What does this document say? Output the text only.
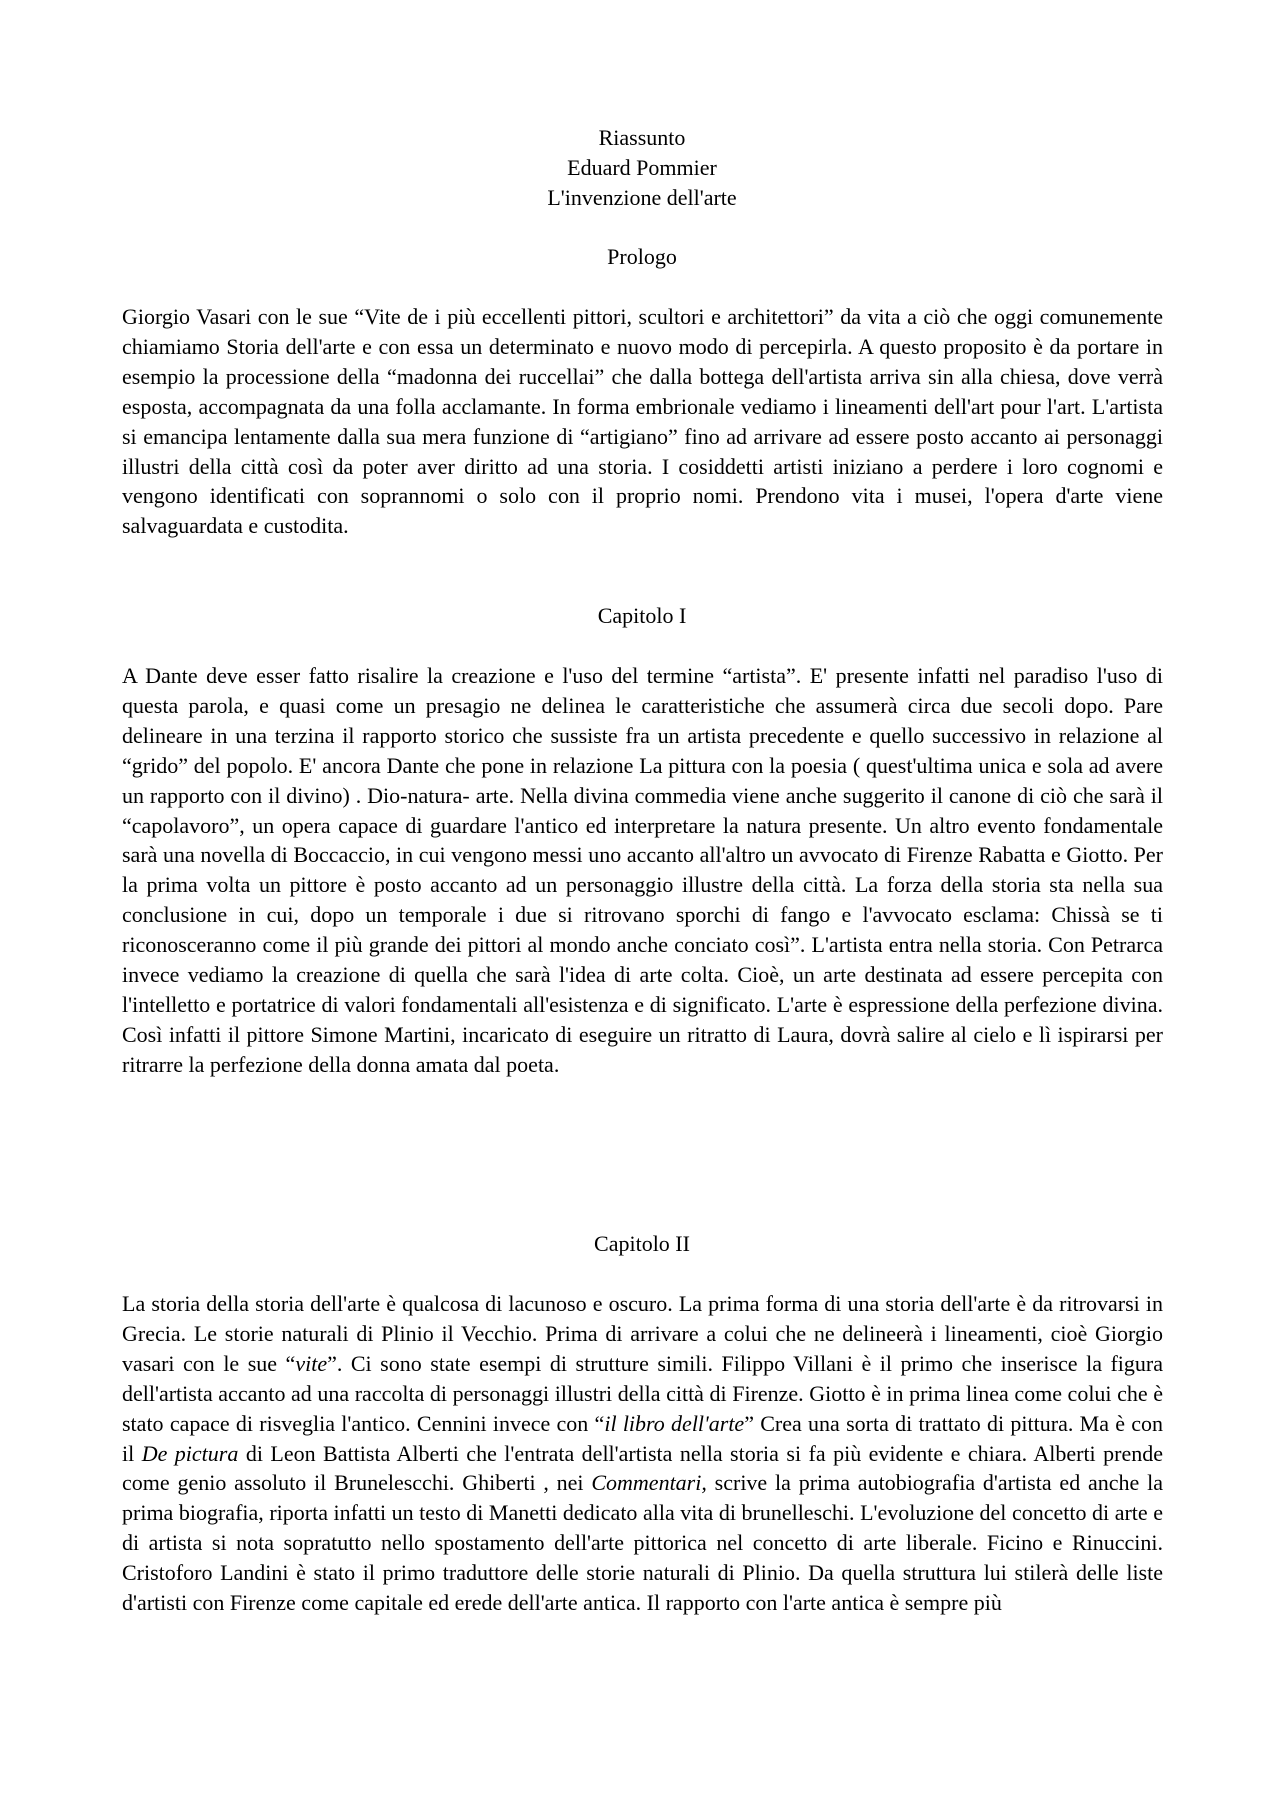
Riassunto
Eduard Pommier
L'invenzione dell'arte
Prologo

Giorgio Vasari con le sue “Vite de i più eccellenti pittori, scultori e architettori” da vita a ciò che oggi comunemente chiamiamo Storia dell'arte e con essa un determinato e nuovo modo di percepirla. A questo proposito è da portare in esempio la processione della “madonna dei ruccellai” che dalla bottega dell'artista arriva sin alla chiesa, dove verrà esposta, accompagnata da una folla acclamante. In forma embrionale vediamo i lineamenti dell'art pour l'art. L'artista si emancipa lentamente dalla sua mera funzione di “artigiano” fino ad arrivare ad essere posto accanto ai personaggi illustri della città così da poter aver diritto ad una storia. I cosiddetti artisti iniziano a perdere i loro cognomi e vengono identificati con soprannomi o solo con il proprio nomi. Prendono vita i musei, l'opera d'arte viene salvaguardata e custodita.

Capitolo I

A Dante deve esser fatto risalire la creazione e l'uso del termine “artista”. E' presente infatti nel paradiso l'uso di questa parola, e quasi come un presagio ne delinea le caratteristiche che assumerà circa due secoli dopo. Pare delineare in una terzina il rapporto storico che sussiste fra un artista precedente e quello successivo in relazione al “grido” del popolo. E' ancora Dante che pone in relazione La pittura con la poesia ( quest'ultima unica e sola ad avere un rapporto con il divino) . Dio-natura- arte. Nella divina commedia viene anche suggerito il canone di ciò che sarà il “capolavoro”, un opera capace di guardare l'antico ed interpretare la natura presente. Un altro evento fondamentale sarà una novella di Boccaccio, in cui vengono messi uno accanto all'altro un avvocato di Firenze Rabatta e Giotto. Per la prima volta un pittore è posto accanto ad un personaggio illustre della città. La forza della storia sta nella sua conclusione in cui, dopo un temporale i due si ritrovano sporchi di fango e l'avvocato esclama: Chissà se ti riconosceranno come il più grande dei pittori al mondo anche conciato così”. L'artista entra nella storia. Con Petrarca invece vediamo la creazione di quella che sarà l'idea di arte colta. Cioè, un arte destinata ad essere percepita con l'intelletto e portatrice di valori fondamentali all'esistenza e di significato. L'arte è espressione della perfezione divina. Così infatti il pittore Simone Martini, incaricato di eseguire un ritratto di Laura, dovrà salire al cielo e lì ispirarsi per ritrarre la perfezione della donna amata dal poeta.

Capitolo II

La storia della storia dell'arte è qualcosa di lacunoso e oscuro. La prima forma di una storia dell'arte è da ritrovarsi in Grecia. Le storie naturali di Plinio il Vecchio. Prima di arrivare a colui che ne delineerà i lineamenti, cioè Giorgio vasari con le sue “vite”. Ci sono state esempi di strutture simili. Filippo Villani è il primo che inserisce la figura dell'artista accanto ad una raccolta di personaggi illustri della città di Firenze. Giotto è in prima linea come colui che è stato capace di risveglia l'antico. Cennini invece con “il libro dell'arte” Crea una sorta di trattato di pittura. Ma è con il De pictura di Leon Battista Alberti che l'entrata dell'artista nella storia si fa più evidente e chiara. Alberti prende come genio assoluto il Brunelescchi. Ghiberti , nei Commentari, scrive la prima autobiografia d'artista ed anche la prima biografia, riporta infatti un testo di Manetti dedicato alla vita di brunelleschi. L'evoluzione del concetto di arte e di artista si nota sopratutto nello spostamento dell'arte pittorica nel concetto di arte liberale. Ficino e Rinuccini. Cristoforo Landini è stato il primo traduttore delle storie naturali di Plinio. Da quella struttura lui stilerà delle liste d'artisti con Firenze come capitale ed erede dell'arte antica. Il rapporto con l'arte antica è sempre più
